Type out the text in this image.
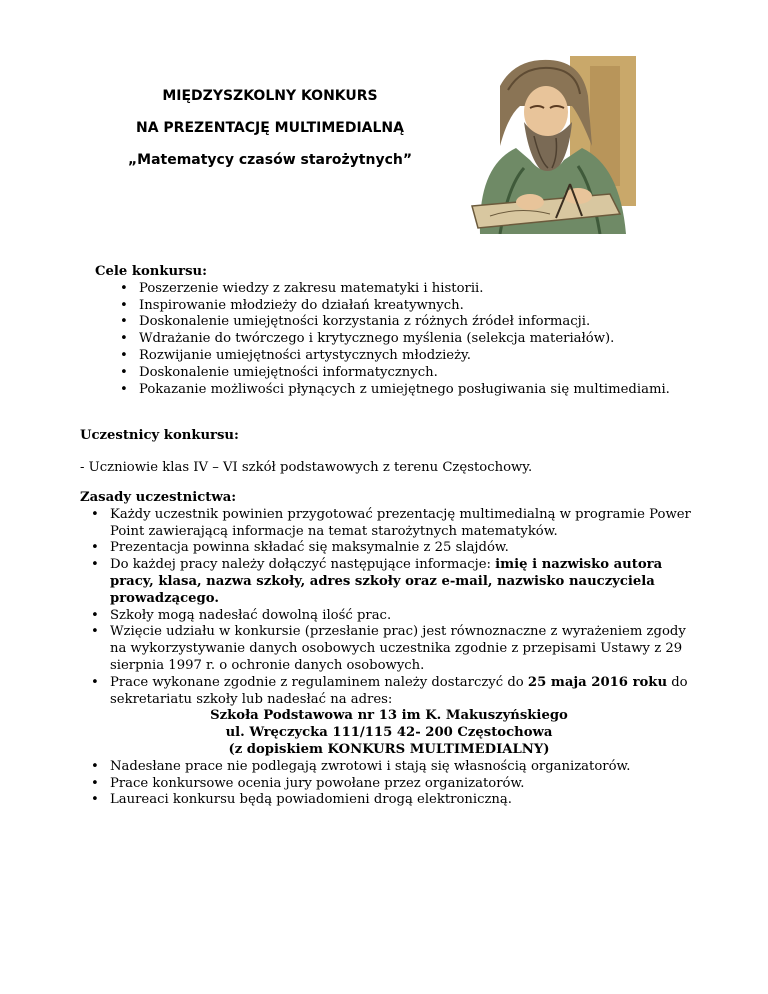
MIĘDZYSZKOLNY KONKURS
NA PREZENTACJĘ MULTIMEDIALNĄ
„Matematycy czasów starożytnych”
Cele konkursu:
• Poszerzenie wiedzy z zakresu matematyki i historii.
• Inspirowanie młodzieży do działań kreatywnych.
• Doskonalenie umiejętności korzystania z różnych źródeł informacji.
• Wdrażanie do twórczego i krytycznego myślenia (selekcja materiałów).
• Rozwijanie umiejętności artystycznych młodzieży.
• Doskonalenie umiejętności informatycznych.
• Pokazanie możliwości płynących z umiejętnego posługiwania się multimediami.
Uczestnicy konkursu:
- Uczniowie klas IV – VI szkół podstawowych z terenu Częstochowy.
Zasady uczestnictwa:
• Każdy uczestnik powinien przygotować prezentację multimedialną w programie Power Point zawierającą informacje na temat starożytnych matematyków.
• Prezentacja powinna składać się maksymalnie z 25 slajdów.
• Do każdej pracy należy dołączyć następujące informacje: imię i nazwisko autora pracy, klasa, nazwa szkoły, adres szkoły oraz e-mail, nazwisko nauczyciela prowadzącego.
• Szkoły mogą nadesłać dowolną ilość prac.
• Wzięcie udziału w konkursie (przesłanie prac) jest równoznaczne z wyrażeniem zgody na wykorzystywanie danych osobowych uczestnika zgodnie z przepisami Ustawy z 29 sierpnia 1997 r. o ochronie danych osobowych.
• Prace wykonane zgodnie z regulaminem należy dostarczyć do 25 maja 2016 roku do sekretariatu szkoły lub nadesłać na adres:
Szkoła Podstawowa nr 13 im K. Makuszyńskiego
ul. Wręczycka 111/115 42- 200 Częstochowa
(z dopiskiem KONKURS MULTIMEDIALNY)
• Nadesłane prace nie podlegają zwrotowi i stają się własnością organizatorów.
• Prace konkursowe ocenia jury powołane przez organizatorów.
• Laureaci konkursu będą powiadomieni drogą elektroniczną.
